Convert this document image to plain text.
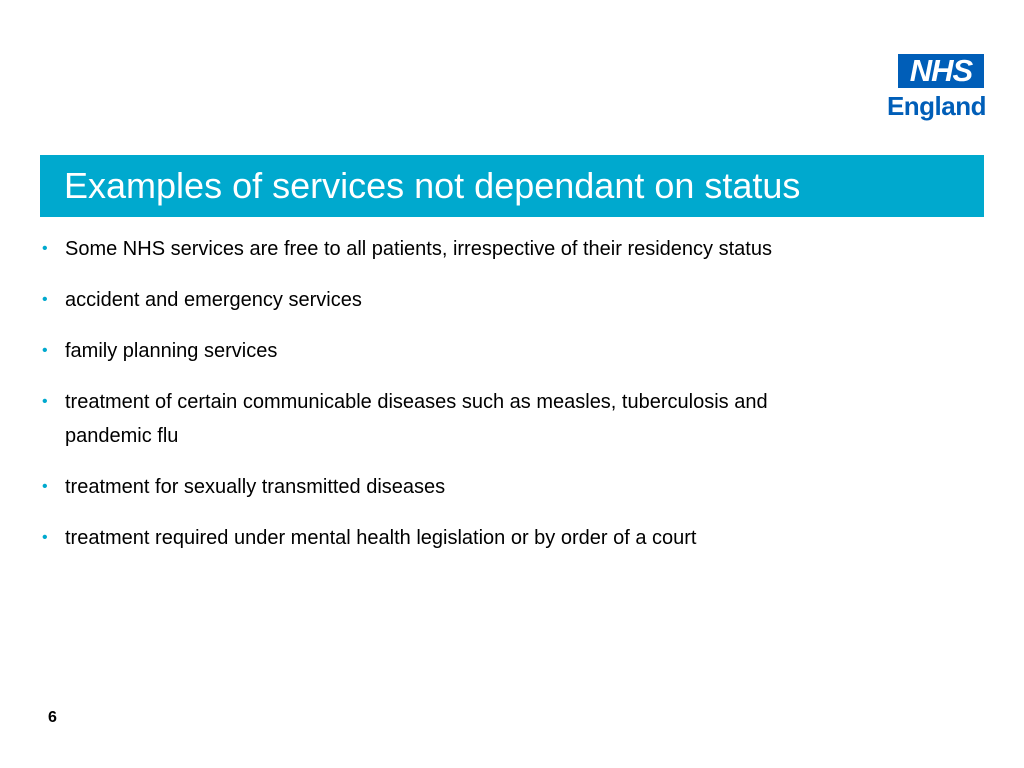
NHS
England
Examples of services not dependant on status
• Some NHS services are free to all patients, irrespective of their residency status
• accident and emergency services
• family planning services
• treatment of certain communicable diseases such as measles, tuberculosis and pandemic flu
• treatment for sexually transmitted diseases
• treatment required under mental health legislation or by order of a court
6
